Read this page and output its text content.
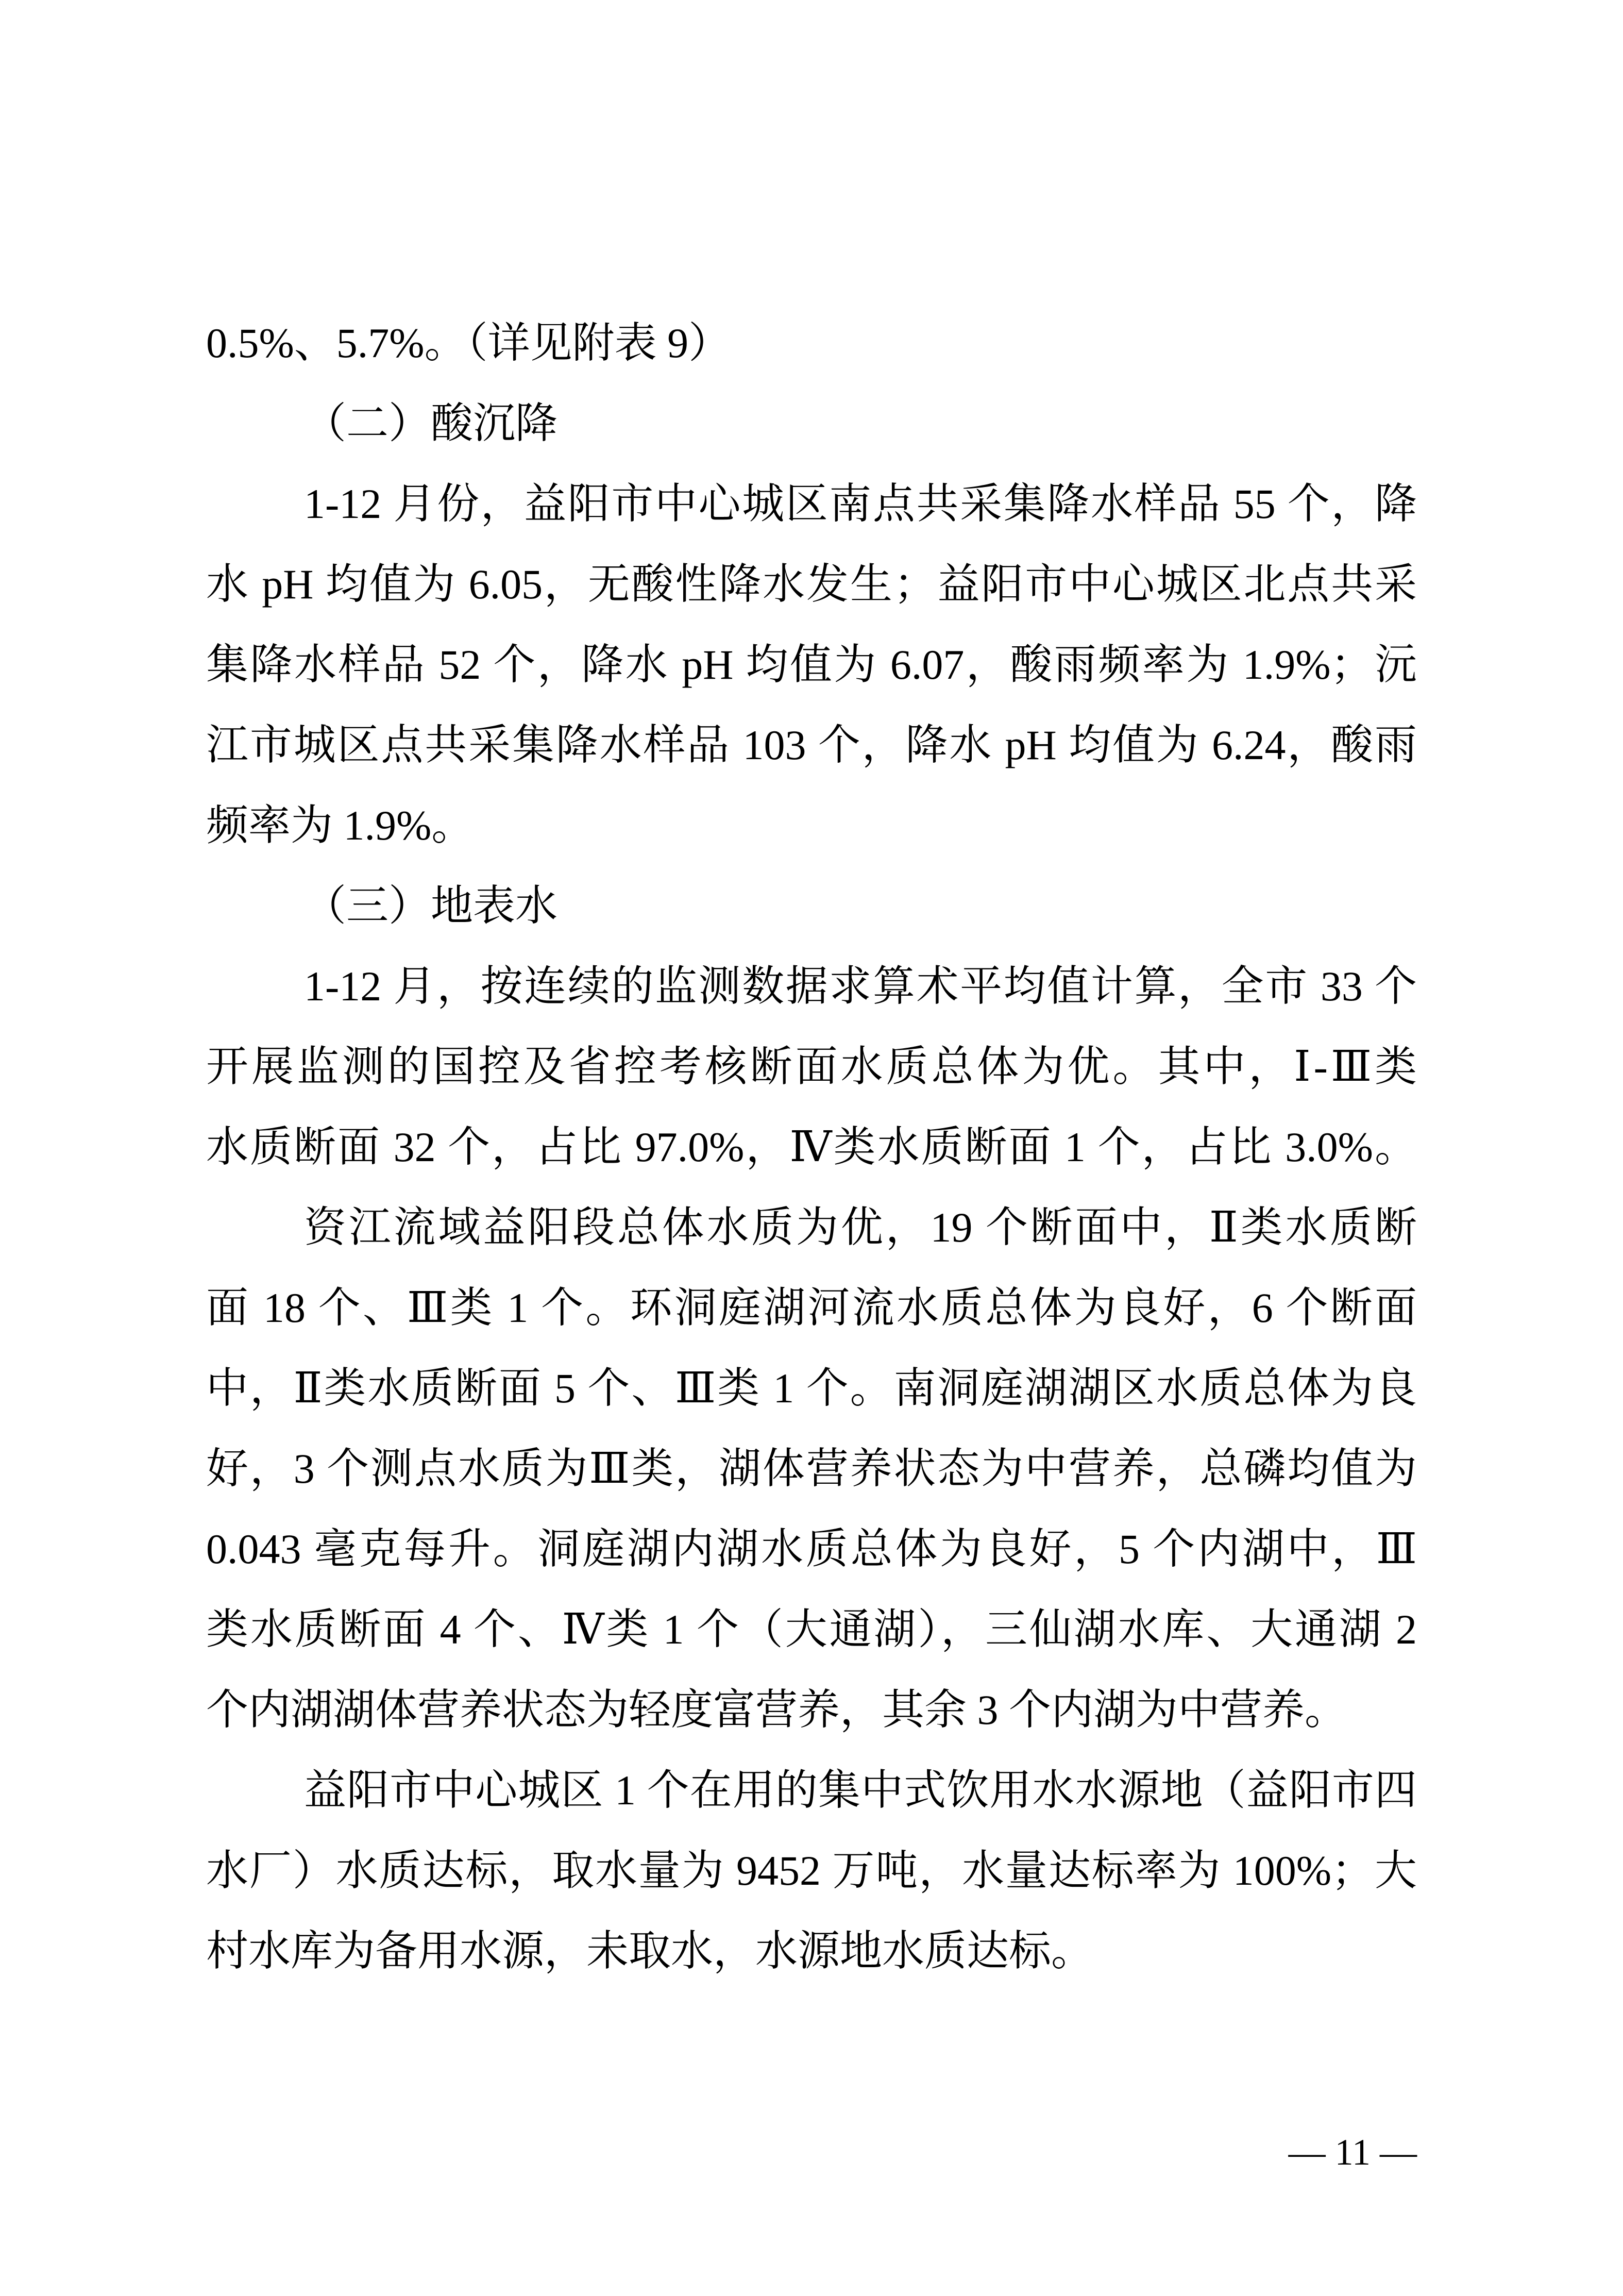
0.5%、5.7%。（详见附表 9）
（二）酸沉降
1-12 月份，益阳市中心城区南点共采集降水样品 55 个，降
水 pH 均值为 6.05，无酸性降水发生；益阳市中心城区北点共采
集降水样品 52 个，降水 pH 均值为 6.07，酸雨频率为 1.9%；沅
江市城区点共采集降水样品 103 个，降水 pH 均值为 6.24，酸雨
频率为 1.9%。
（三）地表水
1-12 月，按连续的监测数据求算术平均值计算，全市 33 个
开展监测的国控及省控考核断面水质总体为优。其中，Ⅰ-Ⅲ类
水质断面 32 个，占比 97.0%，Ⅳ类水质断面 1 个，占比 3.0%。
资江流域益阳段总体水质为优，19 个断面中，Ⅱ类水质断
面 18 个、Ⅲ类 1 个。环洞庭湖河流水质总体为良好，6 个断面
中，Ⅱ类水质断面 5 个、Ⅲ类 1 个。南洞庭湖湖区水质总体为良
好，3 个测点水质为Ⅲ类，湖体营养状态为中营养，总磷均值为
0.043 毫克每升。洞庭湖内湖水质总体为良好，5 个内湖中，Ⅲ
类水质断面 4 个、Ⅳ类 1 个（大通湖），三仙湖水库、大通湖 2
个内湖湖体营养状态为轻度富营养，其余 3 个内湖为中营养。
益阳市中心城区 1 个在用的集中式饮用水水源地（益阳市四
水厂）水质达标，取水量为 9452 万吨，水量达标率为 100%；大
村水库为备用水源，未取水，水源地水质达标。
— 11 —
